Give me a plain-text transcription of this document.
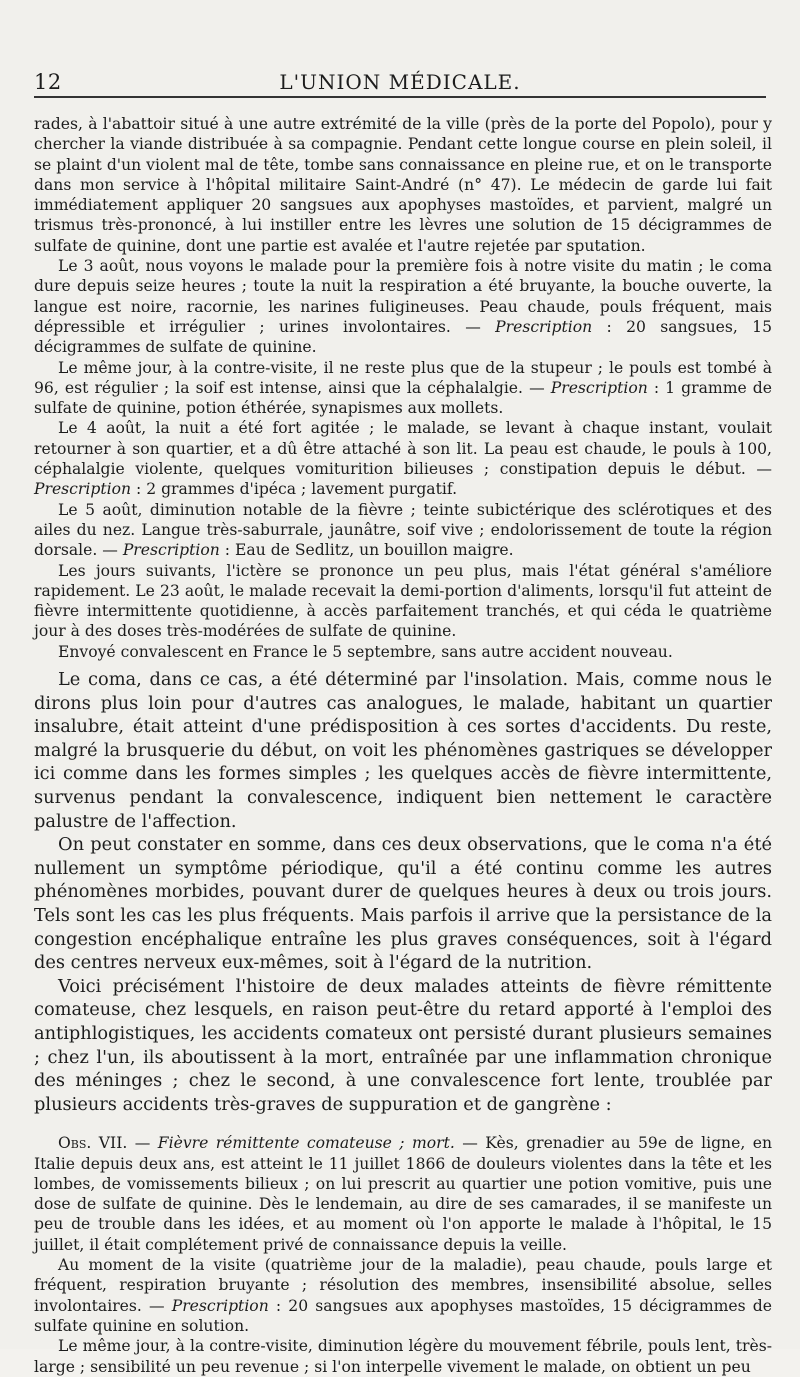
12	L'UNION MÉDICALE.

rades, à l'abattoir situé à une autre extrémité de la ville (près de la porte del Popolo), pour y chercher la viande distribuée à sa compagnie. Pendant cette longue course en plein soleil, il se plaint d'un violent mal de tête, tombe sans connaissance en pleine rue, et on le transporte dans mon service à l'hôpital militaire Saint-André (n° 47). Le médecin de garde lui fait immédiatement appliquer 20 sangsues aux apophyses mastoïdes, et parvient, malgré un trismus très-prononcé, à lui instiller entre les lèvres une solution de 15 décigrammes de sulfate de quinine, dont une partie est avalée et l'autre rejetée par sputation.

Le 3 août, nous voyons le malade pour la première fois à notre visite du matin ; le coma dure depuis seize heures ; toute la nuit la respiration a été bruyante, la bouche ouverte, la langue est noire, racornie, les narines fuligineuses. Peau chaude, pouls fréquent, mais dépressible et irrégulier ; urines involontaires. — Prescription : 20 sangsues, 15 décigrammes de sulfate de quinine.

Le même jour, à la contre-visite, il ne reste plus que de la stupeur ; le pouls est tombé à 96, est régulier ; la soif est intense, ainsi que la céphalalgie. — Prescription : 1 gramme de sulfate de quinine, potion éthérée, synapismes aux mollets.

Le 4 août, la nuit a été fort agitée ; le malade, se levant à chaque instant, voulait retourner à son quartier, et a dû être attaché à son lit. La peau est chaude, le pouls à 100, céphalalgie violente, quelques vomiturition bilieuses ; constipation depuis le début. — Prescription : 2 grammes d'ipéca ; lavement purgatif.

Le 5 août, diminution notable de la fièvre ; teinte subictérique des sclérotiques et des ailes du nez. Langue très-saburrale, jaunâtre, soif vive ; endolorissement de toute la région dorsale. — Prescription : Eau de Sedlitz, un bouillon maigre.

Les jours suivants, l'ictère se prononce un peu plus, mais l'état général s'améliore rapidement. Le 23 août, le malade recevait la demi-portion d'aliments, lorsqu'il fut atteint de fièvre intermittente quotidienne, à accès parfaitement tranchés, et qui céda le quatrième jour à des doses très-modérées de sulfate de quinine.

Envoyé convalescent en France le 5 septembre, sans autre accident nouveau.

Le coma, dans ce cas, a été déterminé par l'insolation. Mais, comme nous le dirons plus loin pour d'autres cas analogues, le malade, habitant un quartier insalubre, était atteint d'une prédisposition à ces sortes d'accidents. Du reste, malgré la brusquerie du début, on voit les phénomènes gastriques se développer ici comme dans les formes simples ; les quelques accès de fièvre intermittente, survenus pendant la convalescence, indiquent bien nettement le caractère palustre de l'affection.

On peut constater en somme, dans ces deux observations, que le coma n'a été nullement un symptôme périodique, qu'il a été continu comme les autres phénomènes morbides, pouvant durer de quelques heures à deux ou trois jours. Tels sont les cas les plus fréquents. Mais parfois il arrive que la persistance de la congestion encéphalique entraîne les plus graves conséquences, soit à l'égard des centres nerveux eux-mêmes, soit à l'égard de la nutrition.

Voici précisément l'histoire de deux malades atteints de fièvre rémittente comateuse, chez lesquels, en raison peut-être du retard apporté à l'emploi des antiphlogistiques, les accidents comateux ont persisté durant plusieurs semaines ; chez l'un, ils aboutissent à la mort, entraînée par une inflammation chronique des méninges ; chez le second, à une convalescence fort lente, troublée par plusieurs accidents très-graves de suppuration et de gangrène :

Obs. VII. — Fièvre rémittente comateuse ; mort. — Kès, grenadier au 59e de ligne, en Italie depuis deux ans, est atteint le 11 juillet 1866 de douleurs violentes dans la tête et les lombes, de vomissements bilieux ; on lui prescrit au quartier une potion vomitive, puis une dose de sulfate de quinine. Dès le lendemain, au dire de ses camarades, il se manifeste un peu de trouble dans les idées, et au moment où l'on apporte le malade à l'hôpital, le 15 juillet, il était complétement privé de connaissance depuis la veille.

Au moment de la visite (quatrième jour de la maladie), peau chaude, pouls large et fréquent, respiration bruyante ; résolution des membres, insensibilité absolue, selles involontaires. — Prescription : 20 sangsues aux apophyses mastoïdes, 15 décigrammes de sulfate quinine en solution.

Le même jour, à la contre-visite, diminution légère du mouvement fébrile, pouls lent, très-large ; sensibilité un peu revenue ; si l'on interpelle vivement le malade, on obtient un peu
